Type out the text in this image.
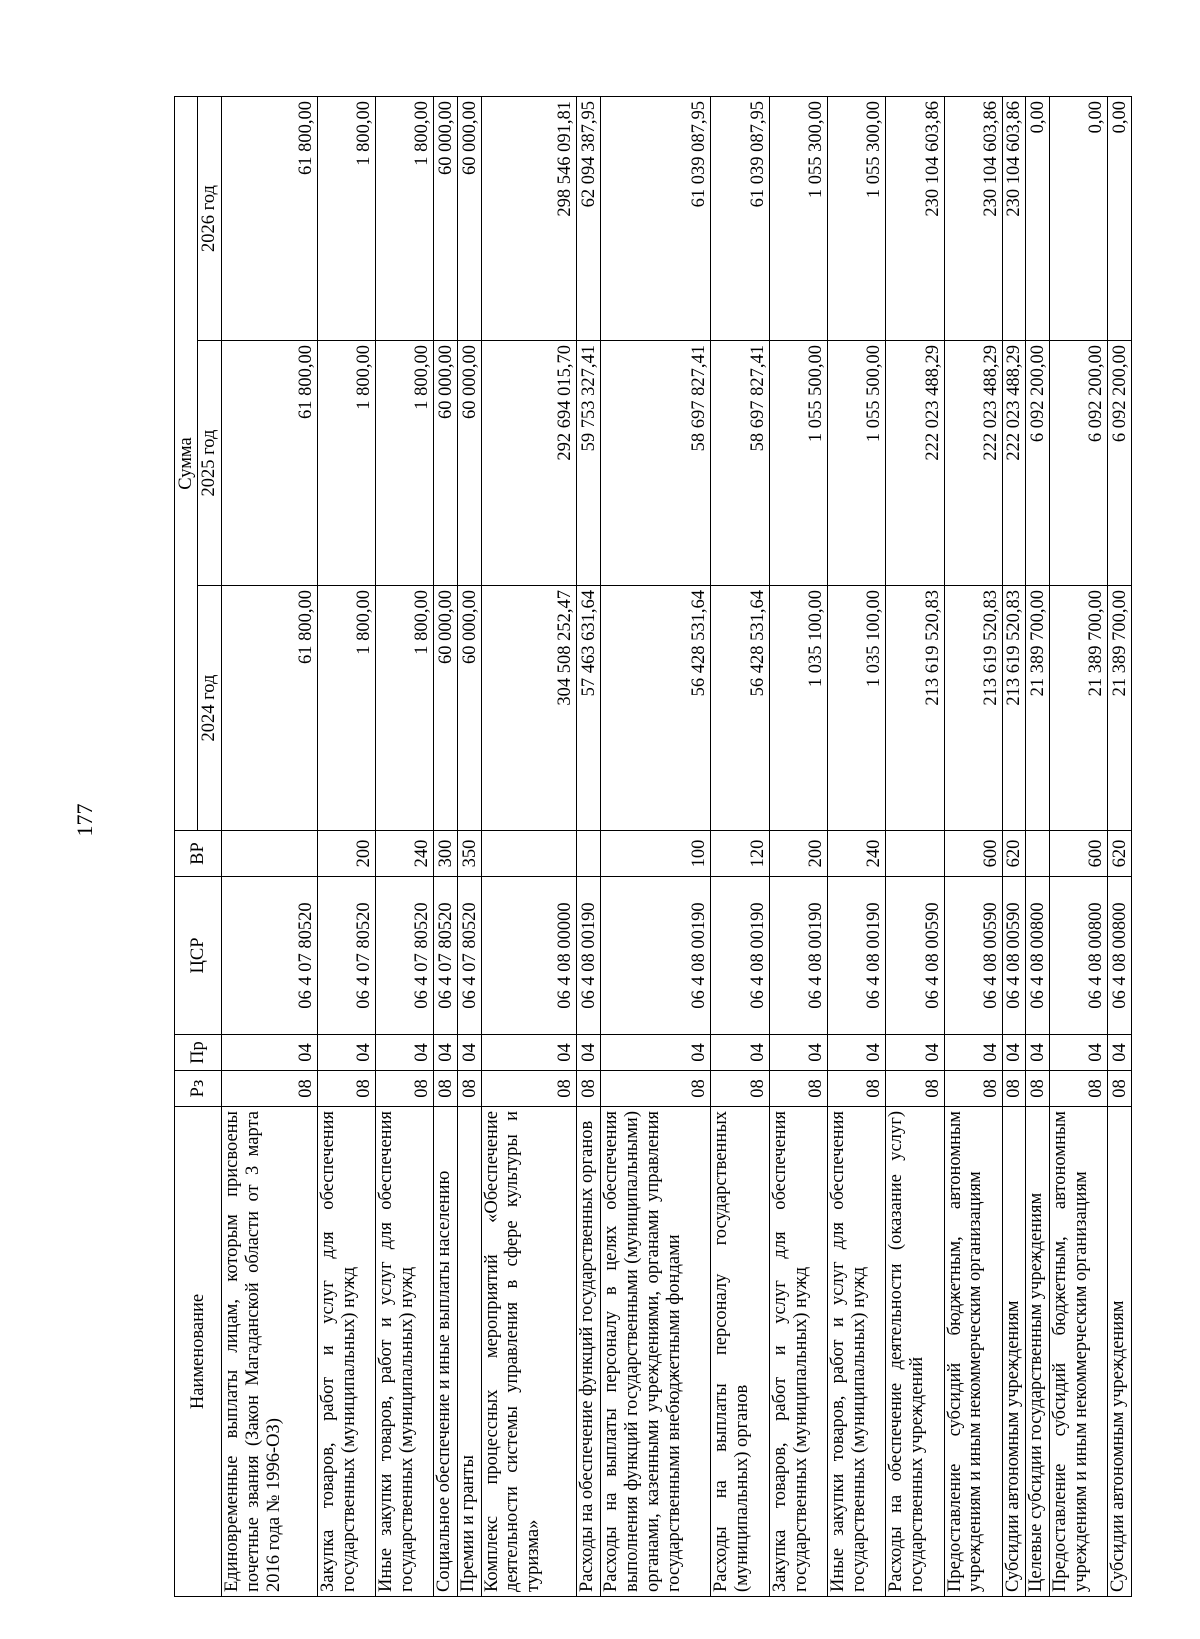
177
Наименование	Рз	Пр	ЦСР	ВР	Сумма		
					2024 год	2025 год	2026 год
Единовременные выплаты лицам, которым присвоены почетные звания (Закон Магаданской области от 3 марта 2016 года № 1996-ОЗ)	08	04	06 4 07 80520		61 800,00	61 800,00	61 800,00
Закупка товаров, работ и услуг для обеспечения государственных (муниципальных) нужд	08	04	06 4 07 80520	200	1 800,00	1 800,00	1 800,00
Иные закупки товаров, работ и услуг для обеспечения государственных (муниципальных) нужд	08	04	06 4 07 80520	240	1 800,00	1 800,00	1 800,00
Социальное обеспечение и иные выплаты населению	08	04	06 4 07 80520	300	60 000,00	60 000,00	60 000,00
Премии и гранты	08	04	06 4 07 80520	350	60 000,00	60 000,00	60 000,00
Комплекс процессных мероприятий «Обеспечение деятельности системы управления в сфере культуры и туризма»	08	04	06 4 08 00000		304 508 252,47	292 694 015,70	298 546 091,81
Расходы на обеспечение функций государственных органов	08	04	06 4 08 00190		57 463 631,64	59 753 327,41	62 094 387,95
Расходы на выплаты персоналу в целях обеспечения выполнения функций государственными (муниципальными) органами, казенными учреждениями, органами управления государственными внебюджетными фондами	08	04	06 4 08 00190	100	56 428 531,64	58 697 827,41	61 039 087,95
Расходы на выплаты персоналу государственных (муниципальных) органов	08	04	06 4 08 00190	120	56 428 531,64	58 697 827,41	61 039 087,95
Закупка товаров, работ и услуг для обеспечения государственных (муниципальных) нужд	08	04	06 4 08 00190	200	1 035 100,00	1 055 500,00	1 055 300,00
Иные закупки товаров, работ и услуг для обеспечения государственных (муниципальных) нужд	08	04	06 4 08 00190	240	1 035 100,00	1 055 500,00	1 055 300,00
Расходы на обеспечение деятельности (оказание услуг) государственных учреждений	08	04	06 4 08 00590		213 619 520,83	222 023 488,29	230 104 603,86
Предоставление субсидий бюджетным, автономным учреждениям и иным некоммерческим организациям	08	04	06 4 08 00590	600	213 619 520,83	222 023 488,29	230 104 603,86
Субсидии автономным учреждениям	08	04	06 4 08 00590	620	213 619 520,83	222 023 488,29	230 104 603,86
Целевые субсидии государственным учреждениям	08	04	06 4 08 00800		21 389 700,00	6 092 200,00	0,00
Предоставление субсидий бюджетным, автономным учреждениям и иным некоммерческим организациям	08	04	06 4 08 00800	600	21 389 700,00	6 092 200,00	0,00
Субсидии автономным учреждениям	08	04	06 4 08 00800	620	21 389 700,00	6 092 200,00	0,00
